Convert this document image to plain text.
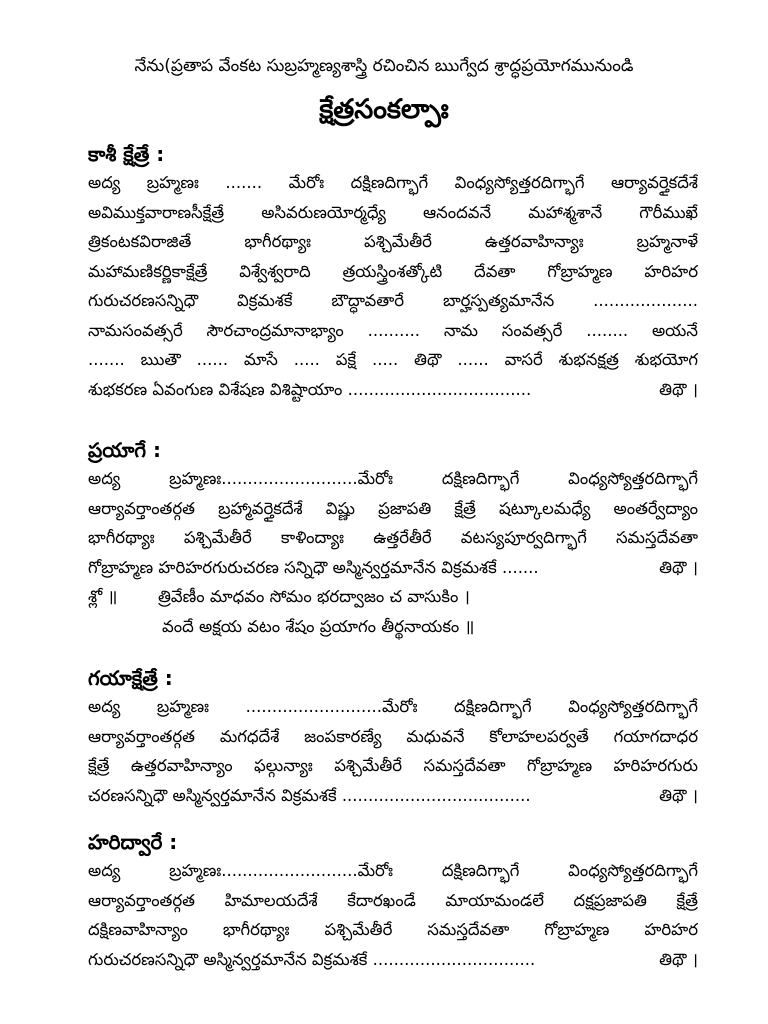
నేను(ప్రతాప వేంకట సుబ్రహ్మణ్యశాస్త్రి రచించిన ఋగ్వేద శ్రాద్ధప్రయోగమునుండి
క్షేత్రసంకల్పాః
కాశీ క్షేత్రే :
అద్య బ్రహ్మణః ....... మేరోః దక్షిణదిగ్భాగే వింధ్యస్యోత్తరదిగ్భాగే ఆర్యావర్తైకదేశే
అవిముక్తవారాణసీక్షేత్రే అసివరుణయోర్మధ్యే ఆనందవనే మహాశ్మశానే గౌరీముఖే
త్రికంటకవిరాజితే భాగీరథ్యాః పశ్చిమేతీరే ఉత్తరవాహిన్యాః బ్రహ్మనాళే
మహామణికర్ణికాక్షేత్రే విశ్వేశ్వరాది త్రయస్త్రింశత్కోటి దేవతా గోబ్రాహ్మణ హరిహర
గురుచరణసన్నిధౌ విక్రమశకే బౌద్ధావతారే బార్హస్పత్యమానేన ....................
నామసంవత్సరే సౌరచాంద్రమానాభ్యాం .......... నామ సంవత్సరే ........ అయనే
....... ఋతౌ ...... మాసే ..... పక్షే ..... తిథౌ ...... వాసరే శుభనక్షత్ర శుభయోగ
శుభకరణ ఏవంగుణ విశేషణ విశిష్టాయాం ...................................	తిథౌ ।
ప్రయాగే :
అద్య బ్రహ్మణః..........................మేరోః దక్షిణదిగ్భాగే వింధ్యస్యోత్తరదిగ్భాగే
ఆర్యావర్తాంతర్గత బ్రహ్మావర్తైకదేశే విష్ణు ప్రజాపతి క్షేత్రే షట్కూలమధ్యే అంతర్వేద్యాం
భాగీరథ్యాః పశ్చిమేతీరే కాళింద్యాః ఉత్తరేతీరే వటస్యపూర్వదిగ్భాగే సమస్తదేవతా
గోబ్రాహ్మణ హరిహరగురుచరణ సన్నిధౌ అస్మిన్వర్తమానేన విక్రమశకే .......	తిథౌ ।
శ్లో ॥ త్రివేణీం మాధవం సోమం భరద్వాజం చ వాసుకిం ।
వందే అక్షయ వటం శేషం ప్రయాగం తీర్థనాయకం ॥
గయాక్షేత్రే :
అద్య బ్రహ్మణః ..........................మేరోః దక్షిణదిగ్భాగే వింధ్యస్యోత్తరదిగ్భాగే
ఆర్యావర్తాంతర్గత మగధదేశే జంపకారణ్యే మధువనే కోలాహలపర్వతే గయాగదాధర
క్షేత్రే ఉత్తరవాహిన్యాం ఫల్గున్యాః పశ్చిమేతీరే సమస్తదేవతా గోబ్రాహ్మణ హరిహరగురు
చరణసన్నిధౌ అస్మిన్వర్తమానేన విక్రమశకే ....................................	తిథౌ ।
హరిద్వారే :
అద్య బ్రహ్మణః..........................మేరోః దక్షిణదిగ్భాగే వింధ్యస్యోత్తరదిగ్భాగే
ఆర్యావర్తాంతర్గత హిమాలయదేశే కేదారఖండే మాయామండలే దక్షప్రజాపతి క్షేత్రే
దక్షిణవాహిన్యాం భాగీరథ్యాః పశ్చిమేతీరే సమస్తదేవతా గోబ్రాహ్మణ హరిహర
గురుచరణసన్నిధౌ అస్మిన్వర్తమానేన విక్రమశకే ...............................	తిథౌ ।
